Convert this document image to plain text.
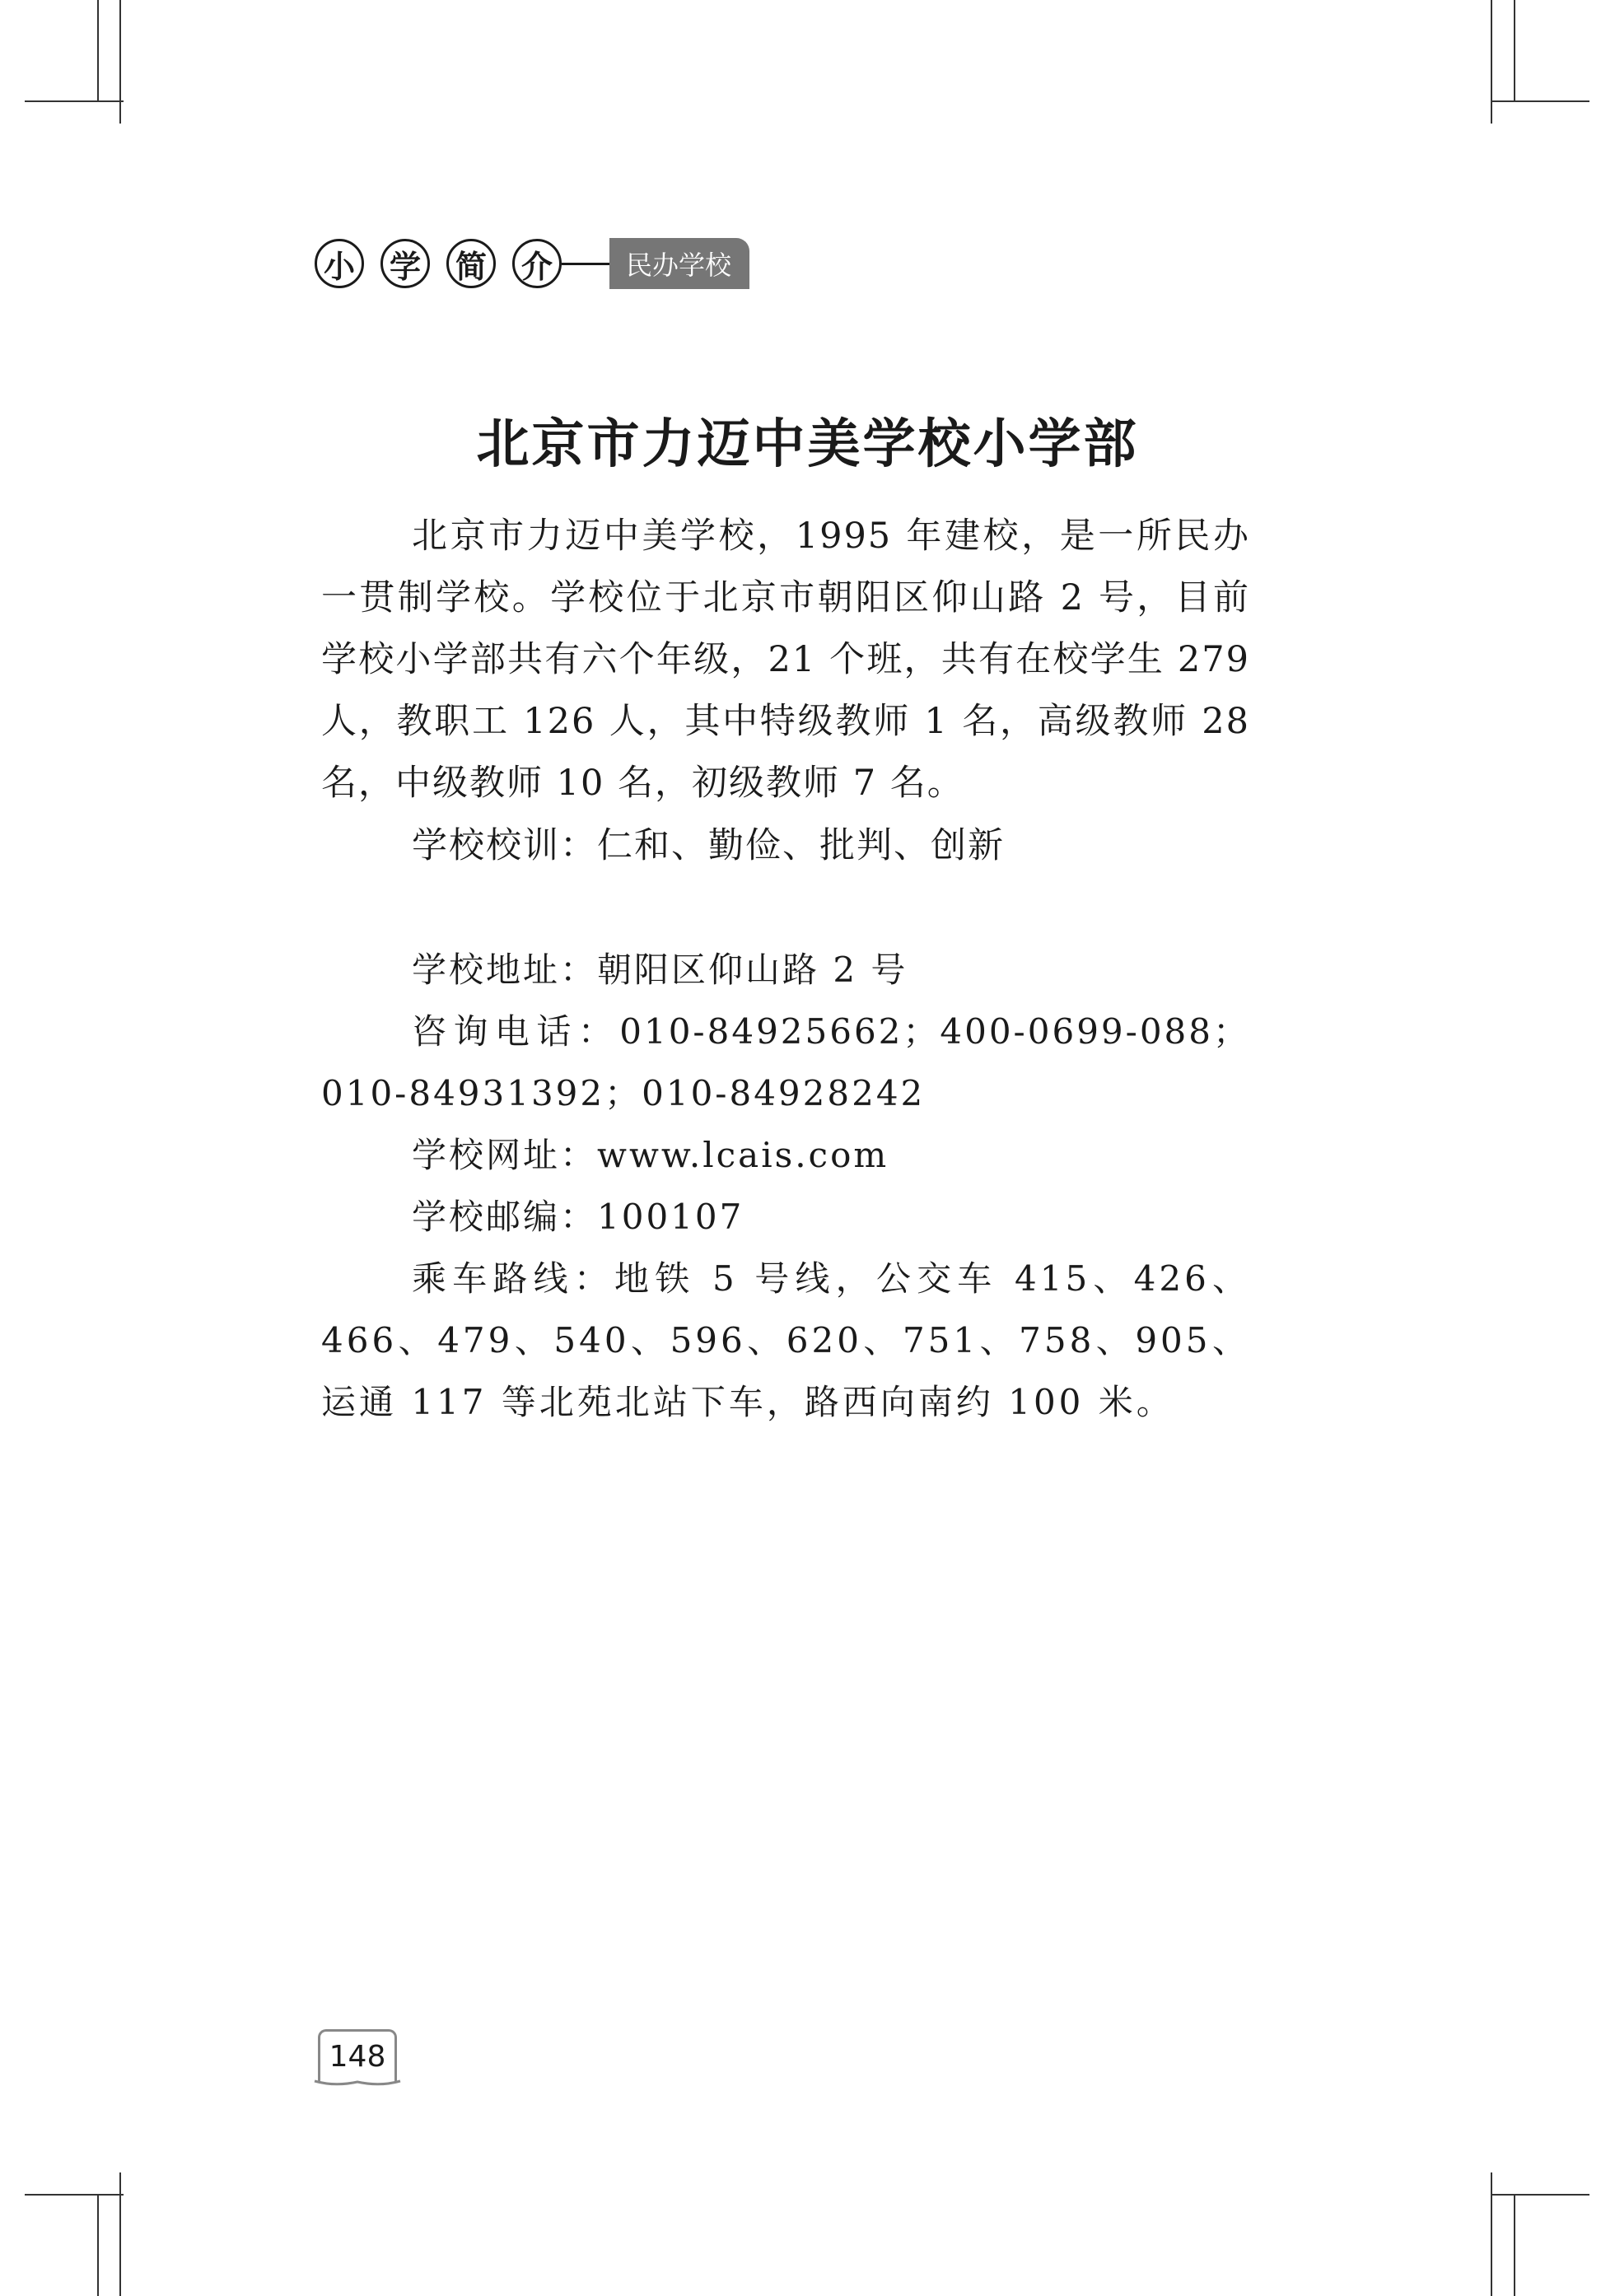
小 学 简 介	民办学校
北京市力迈中美学校小学部

北京市力迈中美学校，1995 年建校，是一所民办一贯制学校。学校位于北京市朝阳区仰山路 2 号，目前学校小学部共有六个年级，21 个班，共有在校学生 279 人，教职工 126 人，其中特级教师 1 名，高级教师 28 名，中级教师 10 名，初级教师 7 名。

学校校训：仁和、勤俭、批判、创新

学校地址：朝阳区仰山路 2 号

咨询电话：010-84925662；400-0699-088；010-84931392；010-84928242

学校网址：www.lcais.com

学校邮编：100107

乘车路线：地铁 5 号线，公交车 415、426、466、479、540、596、620、751、758、905、运通 117 等北苑北站下车，路西向南约 100 米。

148
